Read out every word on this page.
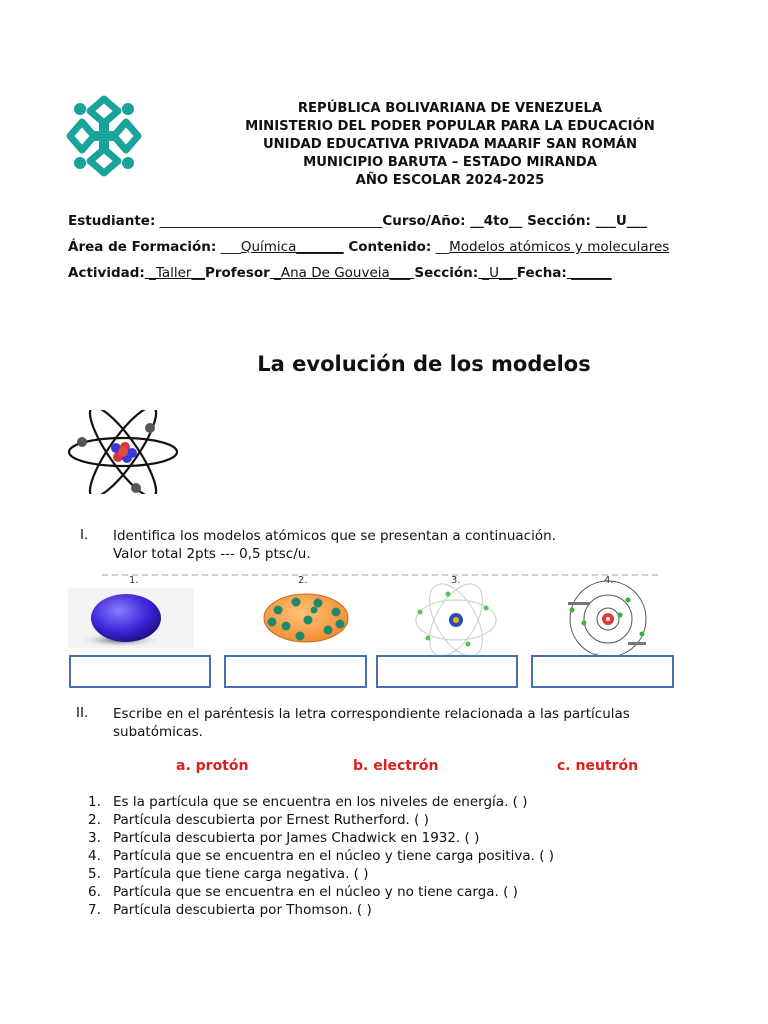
REPÚBLICA BOLIVARIANA DE VENEZUELA
MINISTERIO DEL PODER POPULAR PARA LA EDUCACIÓN
UNIDAD EDUCATIVA PRIVADA MAARIF SAN ROMÁN
MUNICIPIO BARUTA – ESTADO MIRANDA
AÑO ESCOLAR 2024-2025
Estudiante: _________________________________Curso/Año: __4to__ Sección: ___U___
Área de Formación: ___Química_______ Contenido: __Modelos atómicos y moleculares
Actividad: _Taller__Profesor _Ana De Gouveia___ Sección: _U__ Fecha: ______
La evolución de los modelos
I. Identifica los modelos atómicos que se presentan a continuación.
Valor total 2pts --- 0,5 ptsc/u.
1.	2.	3.	4.
II. Escribe en el paréntesis la letra correspondiente relacionada a las partículas
subatómicas.
a. protón	b. electrón	c. neutrón
1. Es la partícula que se encuentra en los niveles de energía. ( )
2. Partícula descubierta por Ernest Rutherford. ( )
3. Partícula descubierta por James Chadwick en 1932. ( )
4. Partícula que se encuentra en el núcleo y tiene carga positiva. ( )
5. Partícula que tiene carga negativa. ( )
6. Partícula que se encuentra en el núcleo y no tiene carga. ( )
7. Partícula descubierta por Thomson. ( )
